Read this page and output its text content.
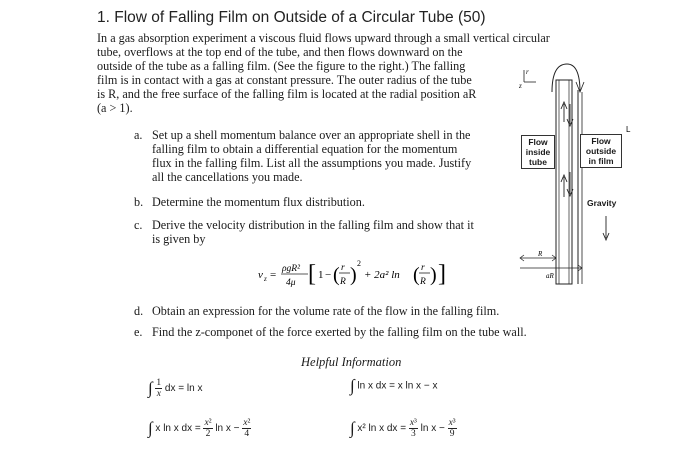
1. Flow of Falling Film on Outside of a Circular Tube (50)
In a gas absorption experiment a viscous fluid flows upward through a small vertical circular
tube, overflows at the top end of the tube, and then flows downward on the
outside of the tube as a falling film. (See the figure to the right.) The falling
film is in contact with a gas at constant pressure. The outer radius of the tube
is R, and the free surface of the falling film is located at the radial position aR
(a > 1).
a. Set up a shell momentum balance over an appropriate shell in the
falling film to obtain a differential equation for the momentum
flux in the falling film. List all the assumptions you made. Justify
all the cancellations you made.
b. Determine the momentum flux distribution.
c. Derive the velocity distribution in the falling film and show that it
is given by
v z = ρgR²
4μ [ 1 − ( r
R )
2
+ 2a² ln ( r
R ) ]
d. Obtain an expression for the volume rate of the flow in the falling film.
e. Find the z-componet of the force exerted by the falling film on the tube wall.
Helpful Information
∫ $\frac{1}{x}$ dx = ln x	∫ ln x dx = x ln x − x
∫ x ln x dx = $\frac{\text{x²}}{2}$ $\ln x - \frac{\text{x²}}{4}$	∫ x² ln x dx = $\frac{\text{x³}}{3}$ $\ln x - \frac{\text{x³}}{9}$
r
z
R
aR
L
Flow
inside
tube
Flow
outside
in film
Gravity
